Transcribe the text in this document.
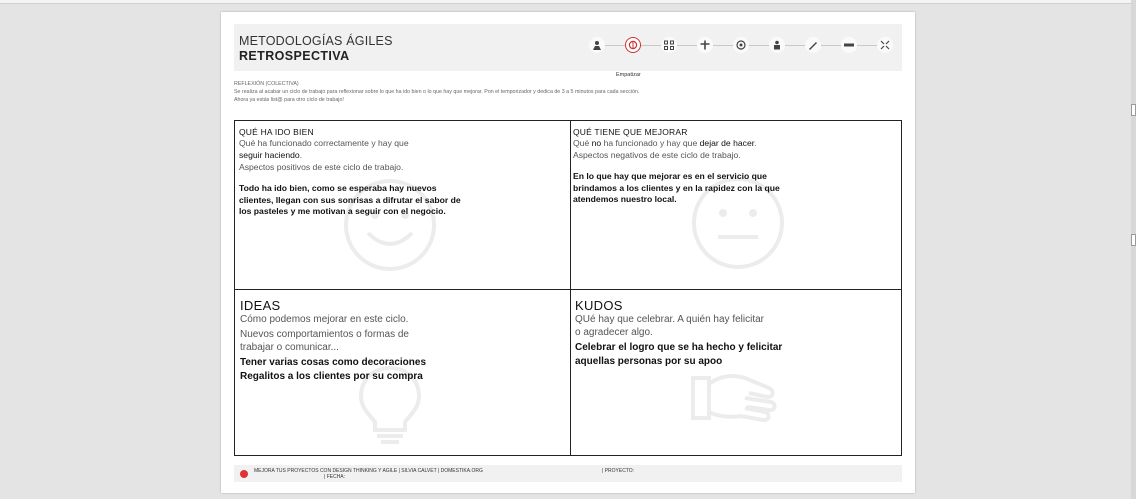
METODOLOGÍAS ÁGILES
RETROSPECTIVA
Empatizar
REFLEXIÓN (COLECTIVA)
Se realiza al acabar un ciclo de trabajo para reflexionar sobre lo que ha ido bien o lo que hay que mejorar. Pon el temporizador y dedica de 3 a 5 minutos para cada sección.
Ahora ya estás list@ para otro ciclo de trabajo!
QUÉ HA IDO BIEN
Qué ha funcionado correctamente y hay que
seguir haciendo.
Aspectos positivos de este ciclo de trabajo.
Todo ha ido bien, como se esperaba hay nuevos clientes, llegan con sus sonrisas a difrutar el sabor de los pasteles y me motivan a seguir con el negocio.
QUÉ TIENE QUE MEJORAR
Qué no ha funcionado y hay que dejar de hacer.
Aspectos negativos de este ciclo de trabajo.
En lo que hay que mejorar es en el servicio que brindamos a los clientes y en la rapidez con la que atendemos nuestro local.
IDEAS
Cómo podemos mejorar en este ciclo.
Nuevos comportamientos o formas de
trabajar o comunicar...
Tener varias cosas como decoraciones
Regalitos a los clientes por su compra
KUDOS
QUé hay que celebrar. A quién hay felicitar
o agradecer algo.
Celebrar el logro que se ha hecho y felicitar
aquellas personas por su apoo
MEJORA TUS PROYECTOS CON DESIGN THINKING Y AGILE | SILVIA CALVET | DOMESTIKA.ORG
| FECHA:
| PROYECTO:
